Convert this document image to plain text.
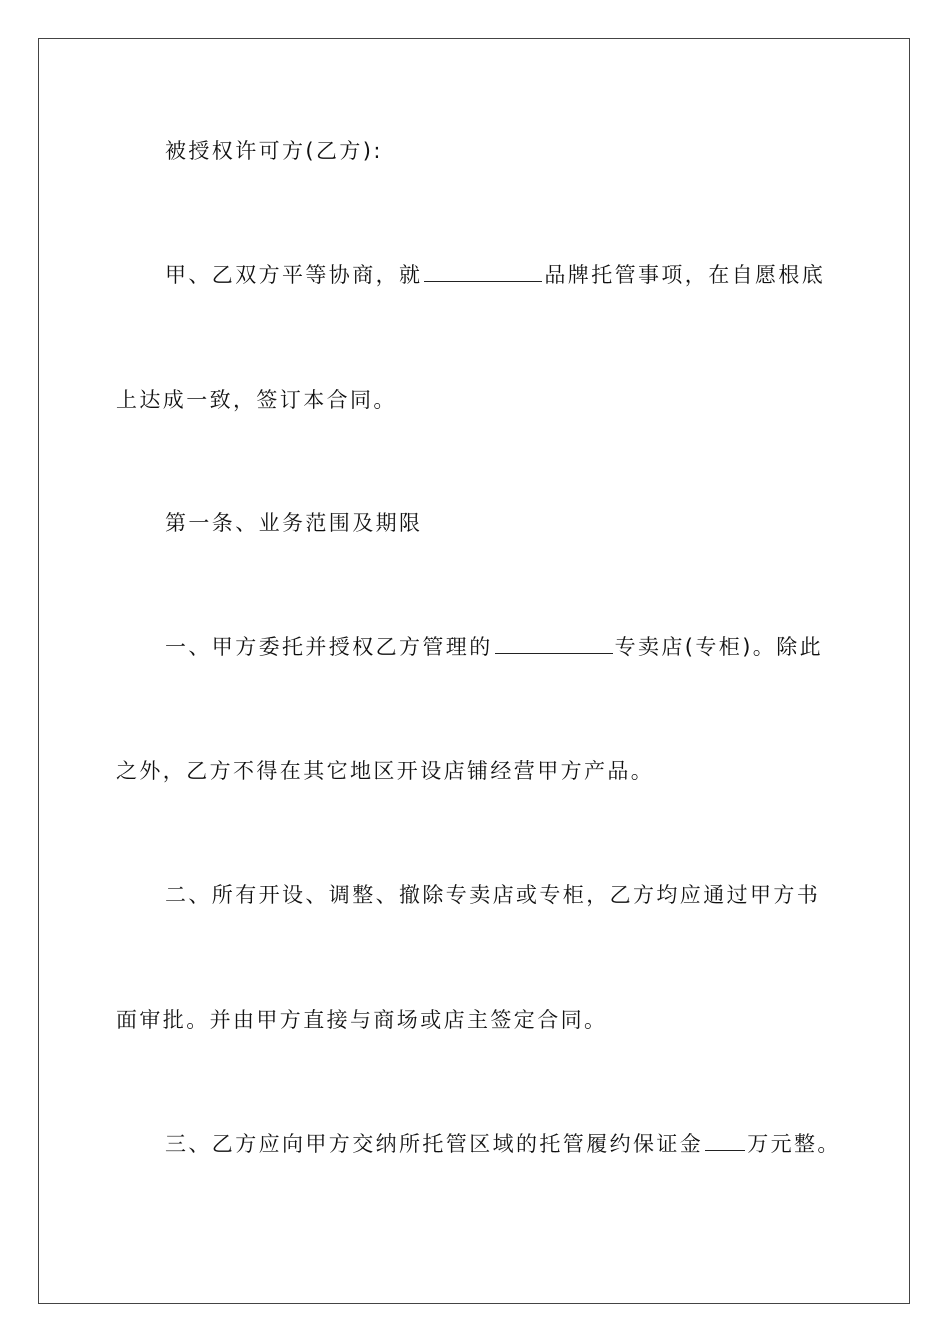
被授权许可方(乙方):
甲、乙双方平等协商，就	品牌托管事项，在自愿根底
上达成一致，签订本合同。
第一条、业务范围及期限
一、甲方委托并授权乙方管理的	专卖店(专柜)。除此
之外，乙方不得在其它地区开设店铺经营甲方产品。
二、所有开设、调整、撤除专卖店或专柜，乙方均应通过甲方书
面审批。并由甲方直接与商场或店主签定合同。
三、乙方应向甲方交纳所托管区域的托管履约保证金 万元整。
